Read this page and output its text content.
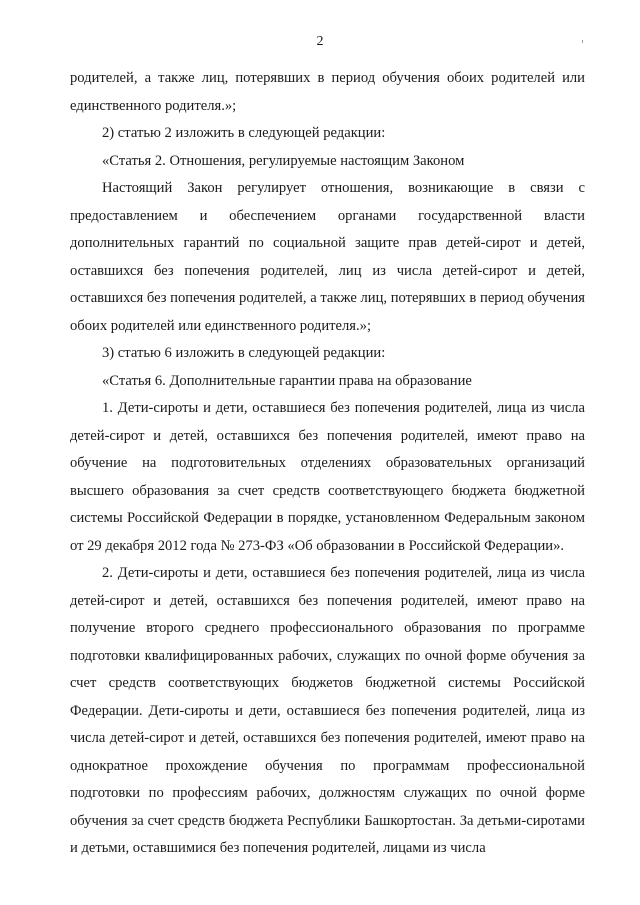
2

родителей, а также лиц, потерявших в период обучения обоих родителей или единственного родителя.»;

2) статью 2 изложить в следующей редакции:

«Статья 2. Отношения, регулируемые настоящим Законом

Настоящий Закон регулирует отношения, возникающие в связи с предоставлением и обеспечением органами государственной власти дополнительных гарантий по социальной защите прав детей-сирот и детей, оставшихся без попечения родителей, лиц из числа детей-сирот и детей, оставшихся без попечения родителей, а также лиц, потерявших в период обучения обоих родителей или единственного родителя.»;

3) статью 6 изложить в следующей редакции:

«Статья 6. Дополнительные гарантии права на образование

1. Дети-сироты и дети, оставшиеся без попечения родителей, лица из числа детей-сирот и детей, оставшихся без попечения родителей, имеют право на обучение на подготовительных отделениях образовательных организаций высшего образования за счет средств соответствующего бюджета бюджетной системы Российской Федерации в порядке, установленном Федеральным законом от 29 декабря 2012 года № 273-ФЗ «Об образовании в Российской Федерации».

2. Дети-сироты и дети, оставшиеся без попечения родителей, лица из числа детей-сирот и детей, оставшихся без попечения родителей, имеют право на получение второго среднего профессионального образования по программе подготовки квалифицированных рабочих, служащих по очной форме обучения за счет средств соответствующих бюджетов бюджетной системы Российской Федерации. Дети-сироты и дети, оставшиеся без попечения родителей, лица из числа детей-сирот и детей, оставшихся без попечения родителей, имеют право на однократное прохождение обучения по программам профессиональной подготовки по профессиям рабочих, должностям служащих по очной форме обучения за счет средств бюджета Республики Башкортостан. За детьми-сиротами и детьми, оставшимися без попечения родителей, лицами из числа
